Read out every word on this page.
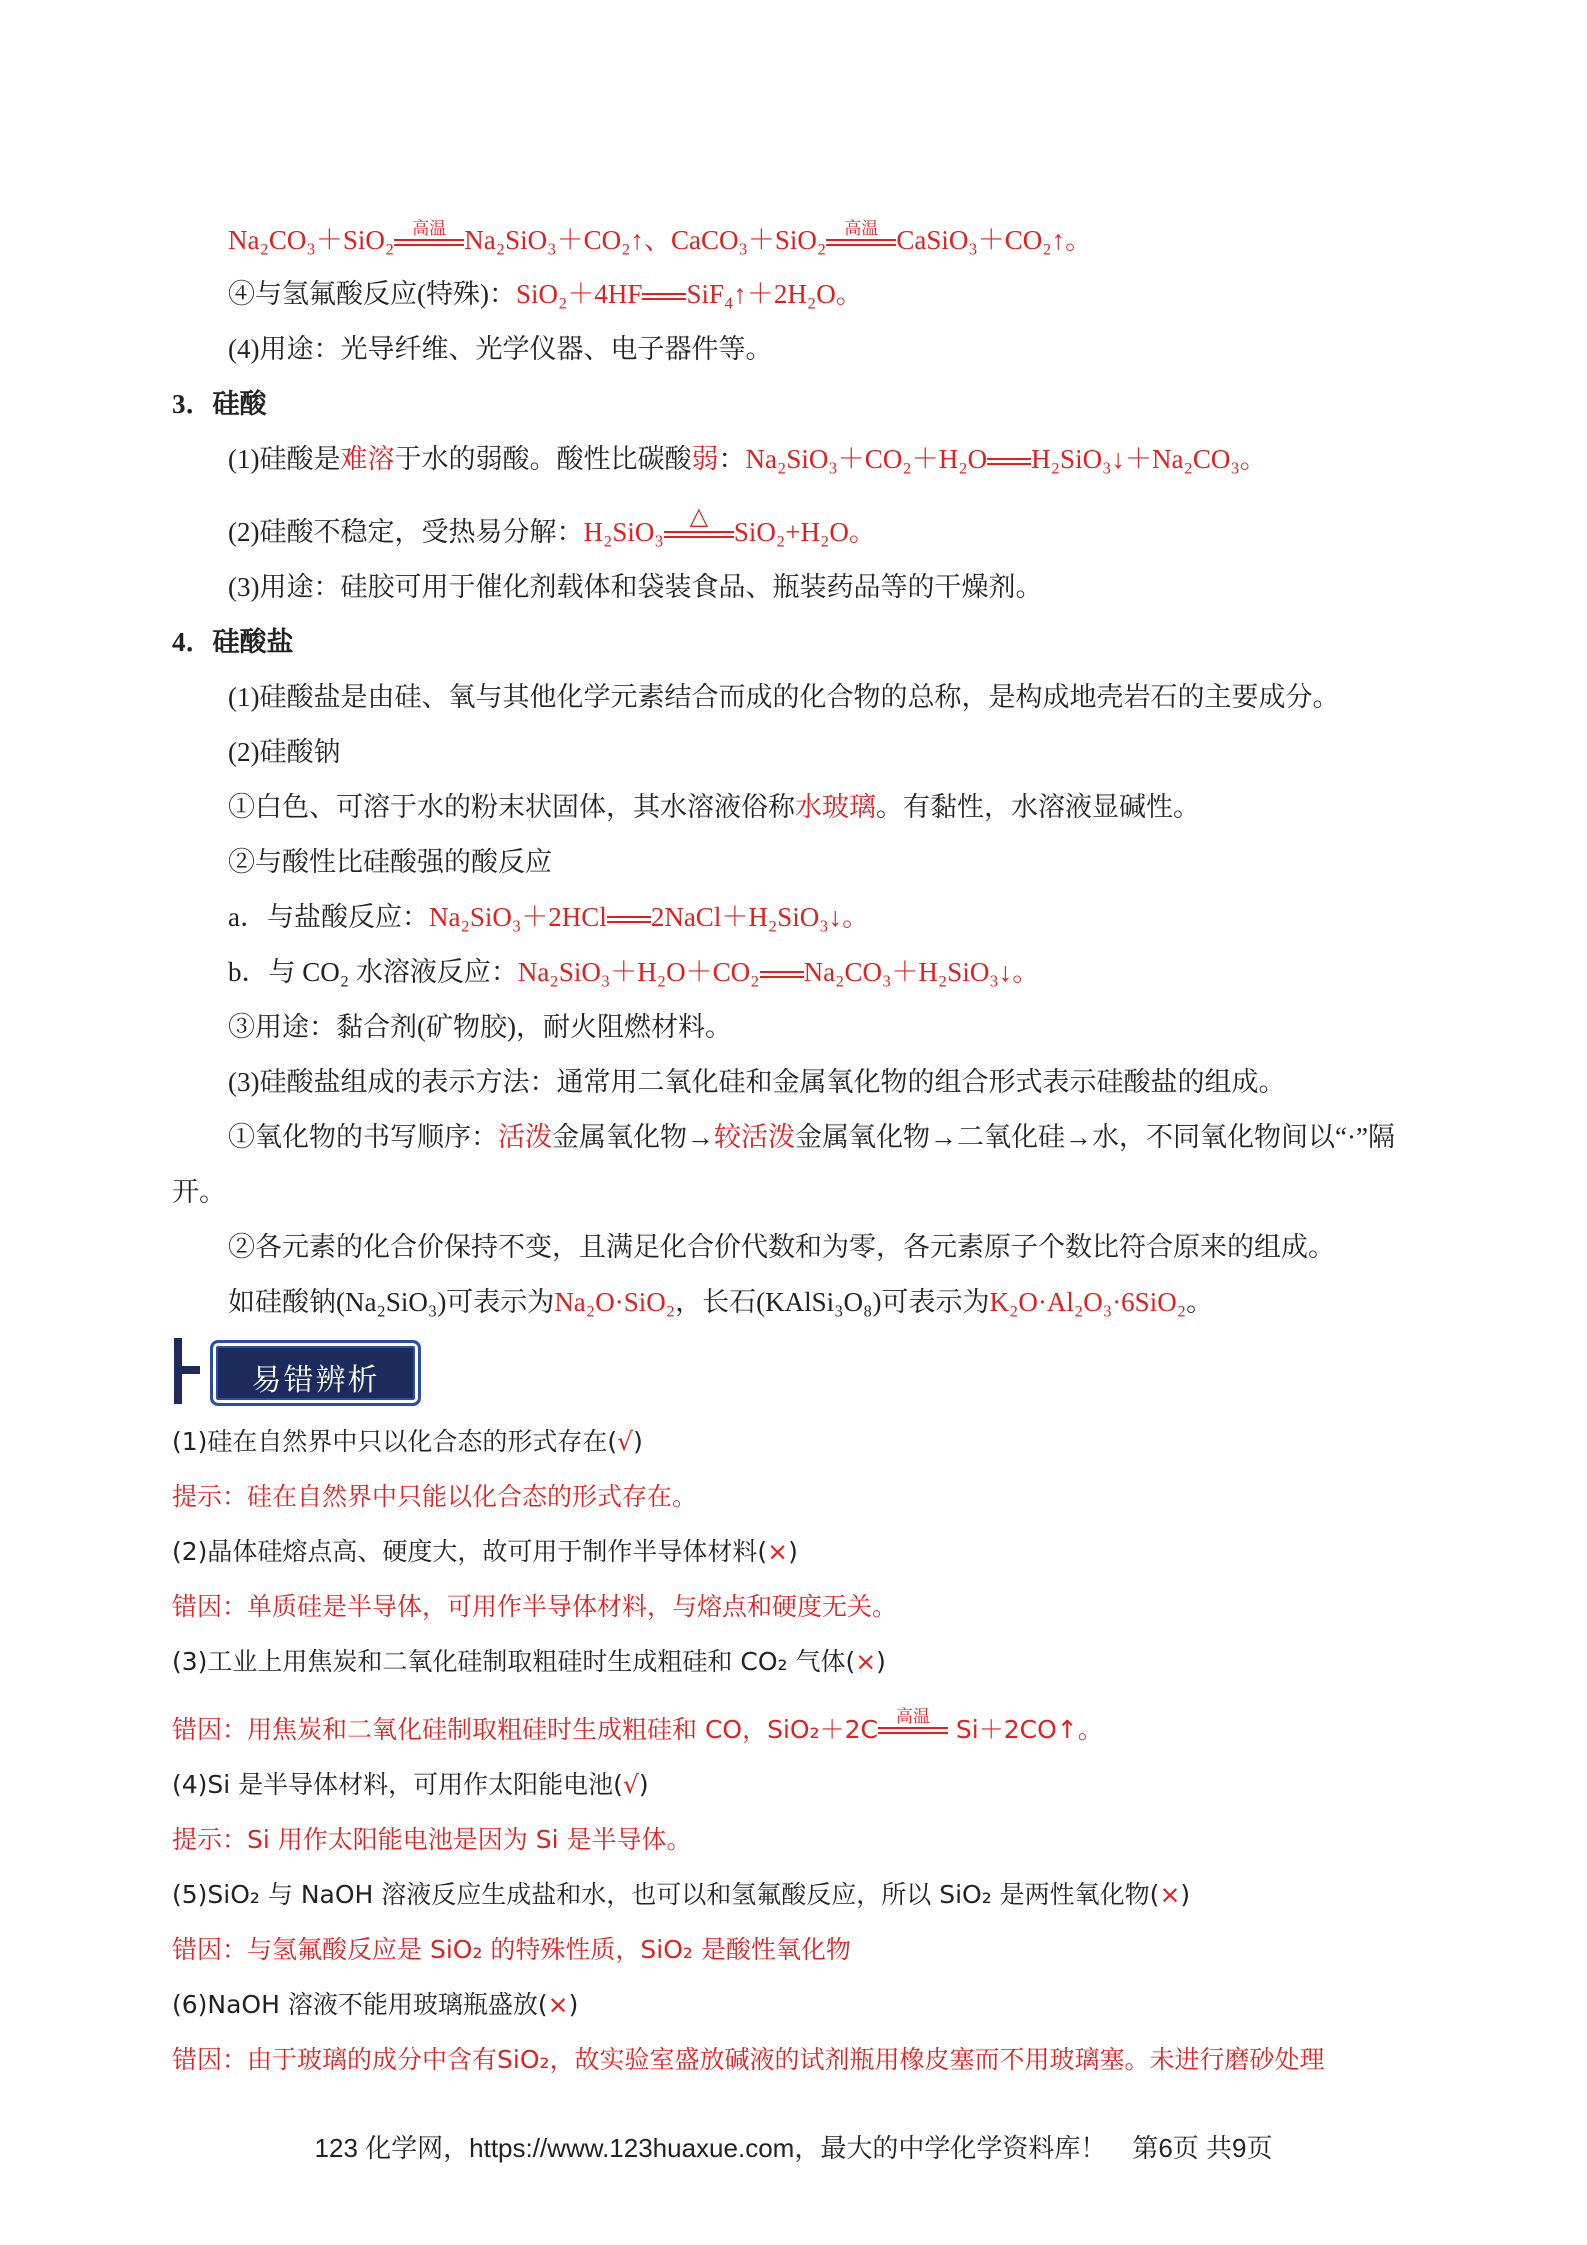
Na₂CO₃＋SiO₂	高温 Na₂SiO₃＋CO₂↑、CaCO₃＋SiO₂	高温 CaSiO₃＋CO₂↑。
④与氢氟酸反应(特殊)：SiO₂＋4HF SiF₄↑＋2H₂O。
(4)用途：光导纤维、光学仪器、电子器件等。
3．硅酸
(1)硅酸是难溶于水的弱酸。酸性比碳酸弱：Na₂SiO₃＋CO₂＋H₂O H₂SiO₃↓＋Na₂CO₃。
(2)硅酸不稳定，受热易分解：H₂SiO₃
△
SiO₂+H₂O。
(3)用途：硅胶可用于催化剂载体和袋装食品、瓶装药品等的干燥剂。
4．硅酸盐
(1)硅酸盐是由硅、氧与其他化学元素结合而成的化合物的总称，是构成地壳岩石的主要成分。
(2)硅酸钠
①白色、可溶于水的粉末状固体，其水溶液俗称水玻璃。有黏性，水溶液显碱性。
②与酸性比硅酸强的酸反应
a．与盐酸反应：Na₂SiO₃＋2HCl 2NaCl＋H₂SiO₃↓。
b．与 CO₂ 水溶液反应：Na₂SiO₃＋H₂O＋CO₂ Na₂CO₃＋H₂SiO₃↓。
③用途：黏合剂(矿物胶)，耐火阻燃材料。
(3)硅酸盐组成的表示方法：通常用二氧化硅和金属氧化物的组合形式表示硅酸盐的组成。
①氧化物的书写顺序：活泼金属氧化物→较活泼金属氧化物→二氧化硅→水，不同氧化物间以“·”隔
开。
②各元素的化合价保持不变，且满足化合价代数和为零，各元素原子个数比符合原来的组成。
如硅酸钠(Na₂SiO₃)可表示为Na₂O·SiO₂，长石(KAlSi₃O₈)可表示为K₂O·Al₂O₃·6SiO₂。
易错辨析
(1)硅在自然界中只以化合态的形式存在(√)
提示：硅在自然界中只能以化合态的形式存在。
(2)晶体硅熔点高、硬度大，故可用于制作半导体材料(×)
错因：单质硅是半导体，可用作半导体材料，与熔点和硬度无关。
(3)工业上用焦炭和二氧化硅制取粗硅时生成粗硅和 CO₂ 气体(×)
错因：用焦炭和二氧化硅制取粗硅时生成粗硅和 CO，SiO₂＋2C	高温 Si＋2CO↑。
(4)Si 是半导体材料，可用作太阳能电池(√)
提示：Si 用作太阳能电池是因为 Si 是半导体。
(5)SiO₂ 与 NaOH 溶液反应生成盐和水，也可以和氢氟酸反应，所以 SiO₂ 是两性氧化物(×)
错因：与氢氟酸反应是 SiO₂ 的特殊性质，SiO₂ 是酸性氧化物
(6)NaOH 溶液不能用玻璃瓶盛放(×)
错因：由于玻璃的成分中含有SiO₂，故实验室盛放碱液的试剂瓶用橡皮塞而不用玻璃塞。未进行磨砂处理
123 化学网，https://www.123huaxue.com，最大的中学化学资料库！　第6页 共9页
